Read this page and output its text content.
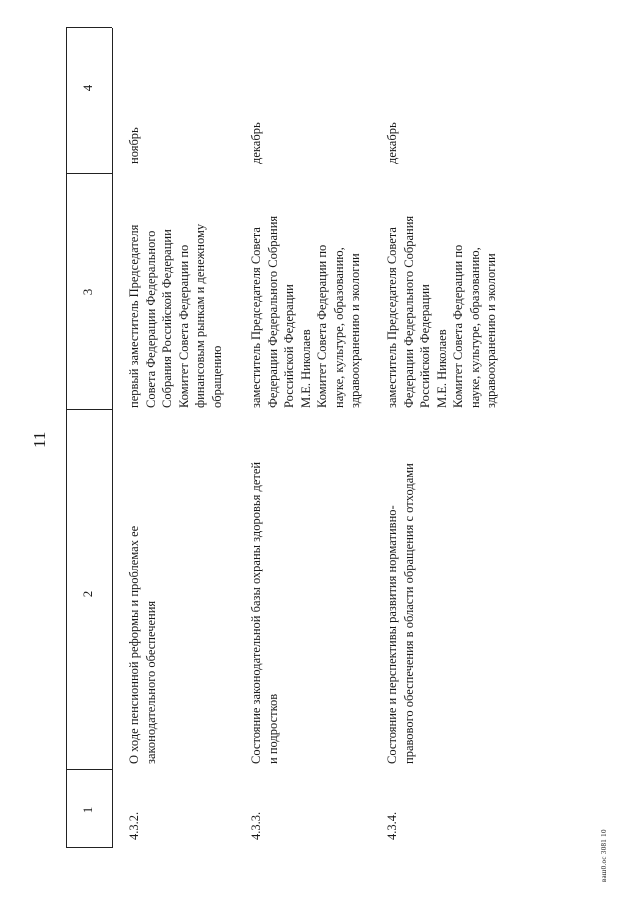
1
2
3
4
11
4.3.2.
О ходе пенсионной реформы и проблемах ее
законодательного обеспечения
первый заместитель Председателя
Совета Федерации Федерального
Собрания Российской Федерации
Комитет Совета Федерации по
финансовым рынкам и денежному
обращению
ноябрь
4.3.3.
Состояние законодательной базы охраны здоровья детей
и подростков
заместитель Председателя Совета
Федерации Федерального Собрания
Российской Федерации
М.Е. Николаев
Комитет Совета Федерации по
науке, культуре, образованию,
здравоохранению и экологии
декабрь
4.3.4.
Состояние и перспективы развития нормативно-
правового обеспечения в области обращения с отходами
заместитель Председателя Совета
Федерации Федерального Собрания
Российской Федерации
М.Е. Николаев
Комитет Совета Федерации по
науке, культуре, образованию,
здравоохранению и экологии
декабрь
ваш0.ос 3081 10
